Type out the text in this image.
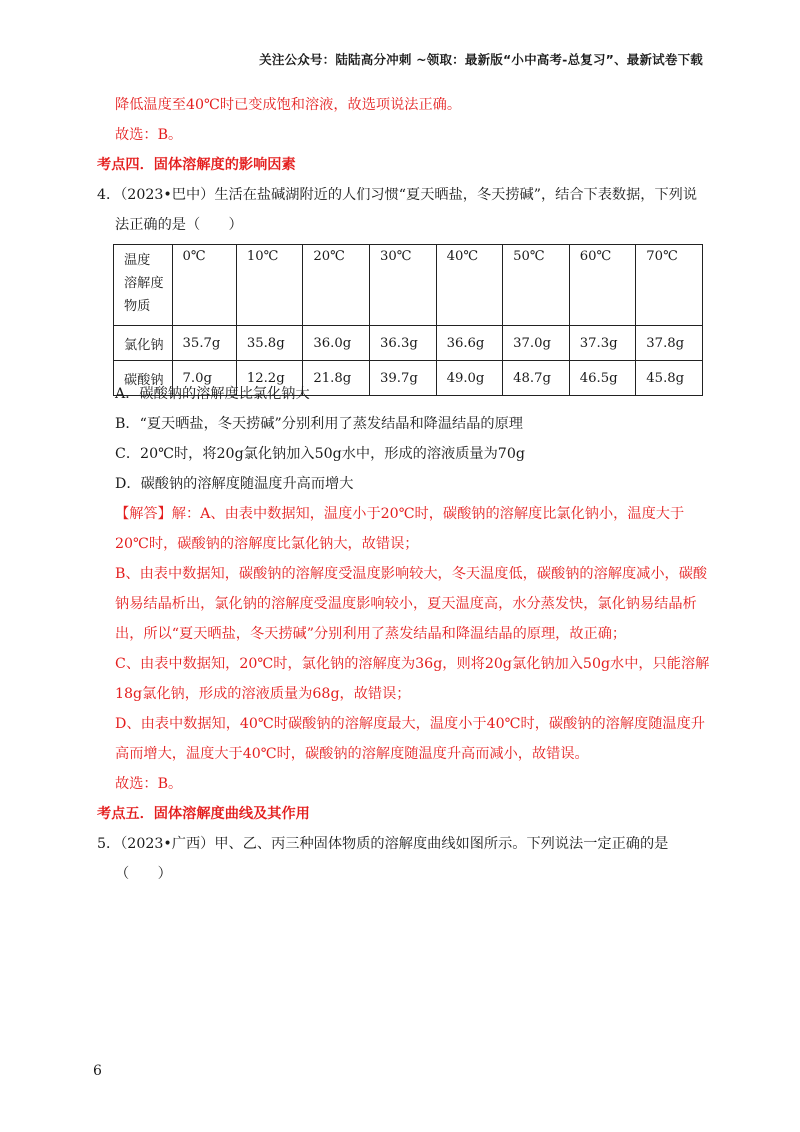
关注公众号：陆陆高分冲刺 ~领取：最新版“小中高考-总复习”、最新试卷下载
降低温度至40℃时已变成饱和溶液，故选项说法正确。
故选：B。
考点四．固体溶解度的影响因素
4．（2023•巴中）生活在盐碱湖附近的人们习惯“夏天晒盐，冬天捞碱”，结合下表数据，下列说
法正确的是（　　）
温度
溶解度
物质	0℃	10℃	20℃	30℃	40℃	50℃	60℃	70℃
氯化钠	35.7g	35.8g	36.0g	36.3g	36.6g	37.0g	37.3g	37.8g
碳酸钠	7.0g	12.2g	21.8g	39.7g	49.0g	48.7g	46.5g	45.8g
A．碳酸钠的溶解度比氯化钠大
B．“夏天晒盐，冬天捞碱”分别利用了蒸发结晶和降温结晶的原理
C．20℃时，将20g氯化钠加入50g水中，形成的溶液质量为70g
D．碳酸钠的溶解度随温度升高而增大
【解答】解：A、由表中数据知，温度小于20℃时，碳酸钠的溶解度比氯化钠小，温度大于
20℃时，碳酸钠的溶解度比氯化钠大，故错误；
B、由表中数据知，碳酸钠的溶解度受温度影响较大，冬天温度低，碳酸钠的溶解度减小，碳酸
钠易结晶析出，氯化钠的溶解度受温度影响较小，夏天温度高，水分蒸发快，氯化钠易结晶析
出，所以“夏天晒盐，冬天捞碱”分别利用了蒸发结晶和降温结晶的原理，故正确；
C、由表中数据知，20℃时，氯化钠的溶解度为36g，则将20g氯化钠加入50g水中，只能溶解
18g氯化钠，形成的溶液质量为68g，故错误；
D、由表中数据知，40℃时碳酸钠的溶解度最大，温度小于40℃时，碳酸钠的溶解度随温度升
高而增大，温度大于40℃时，碳酸钠的溶解度随温度升高而减小，故错误。
故选：B。
考点五．固体溶解度曲线及其作用
5．（2023•广西）甲、乙、丙三种固体物质的溶解度曲线如图所示。下列说法一定正确的是
（　　）
6
